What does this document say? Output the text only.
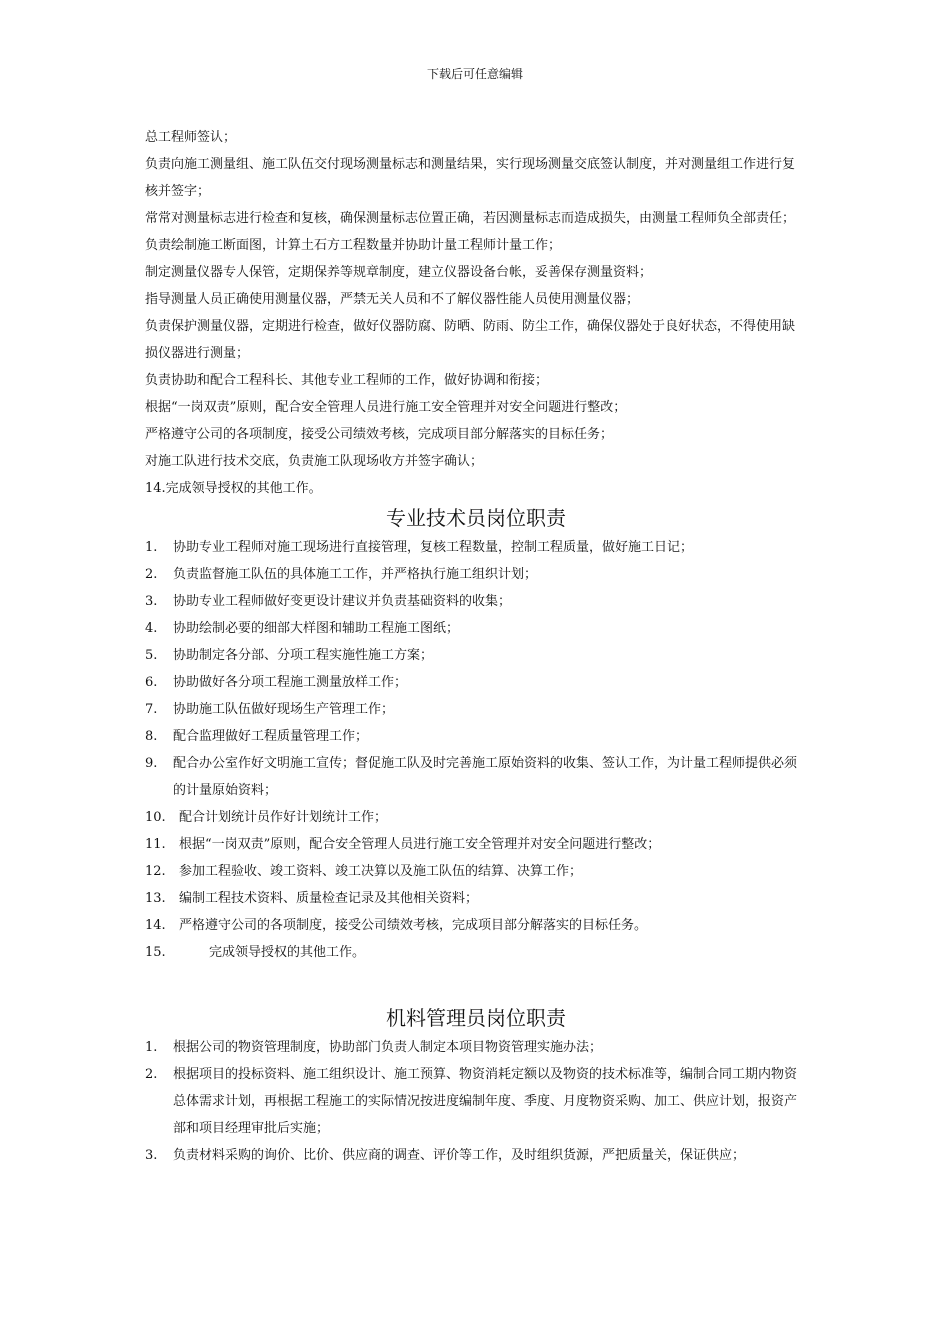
下载后可任意编辑
总工程师签认；
负责向施工测量组、施工队伍交付现场测量标志和测量结果，实行现场测量交底签认制度，并对测量组工作进行复核并签字；
常常对测量标志进行检查和复核，确保测量标志位置正确，若因测量标志而造成损失，由测量工程师负全部责任；
负责绘制施工断面图，计算土石方工程数量并协助计量工程师计量工作；
制定测量仪器专人保管，定期保养等规章制度，建立仪器设备台帐，妥善保存测量资料；
指导测量人员正确使用测量仪器，严禁无关人员和不了解仪器性能人员使用测量仪器；
负责保护测量仪器，定期进行检查，做好仪器防腐、防晒、防雨、防尘工作，确保仪器处于良好状态，不得使用缺损仪器进行测量；
负责协助和配合工程科长、其他专业工程师的工作，做好协调和衔接；
根据“一岗双责”原则，配合安全管理人员进行施工安全管理并对安全问题进行整改；
严格遵守公司的各项制度，接受公司绩效考核，完成项目部分解落实的目标任务；
对施工队进行技术交底，负责施工队现场收方并签字确认；
14.完成领导授权的其他工作。
专业技术员岗位职责
1.	协助专业工程师对施工现场进行直接管理，复核工程数量，控制工程质量，做好施工日记；
2.	负责监督施工队伍的具体施工工作，并严格执行施工组织计划；
3.	协助专业工程师做好变更设计建议并负责基础资料的收集；
4.	协助绘制必要的细部大样图和辅助工程施工图纸；
5.	协助制定各分部、分项工程实施性施工方案；
6.	协助做好各分项工程施工测量放样工作；
7.	协助施工队伍做好现场生产管理工作；
8.	配合监理做好工程质量管理工作；
9.	配合办公室作好文明施工宣传；督促施工队及时完善施工原始资料的收集、签认工作，为计量工程师提供必须的计量原始资料；
10.	配合计划统计员作好计划统计工作；
11.	根据“一岗双责”原则，配合安全管理人员进行施工安全管理并对安全问题进行整改；
12.	参加工程验收、竣工资料、竣工决算以及施工队伍的结算、决算工作；
13.	编制工程技术资料、质量检查记录及其他相关资料；
14.	严格遵守公司的各项制度，接受公司绩效考核，完成项目部分解落实的目标任务。
15.	完成领导授权的其他工作。
机料管理员岗位职责
1.	根据公司的物资管理制度，协助部门负责人制定本项目物资管理实施办法；
2.	根据项目的投标资料、施工组织设计、施工预算、物资消耗定额以及物资的技术标准等，编制合同工期内物资总体需求计划，再根据工程施工的实际情况按进度编制年度、季度、月度物资采购、加工、供应计划，报资产部和项目经理审批后实施；
3.	负责材料采购的询价、比价、供应商的调查、评价等工作，及时组织货源，严把质量关，保证供应；
